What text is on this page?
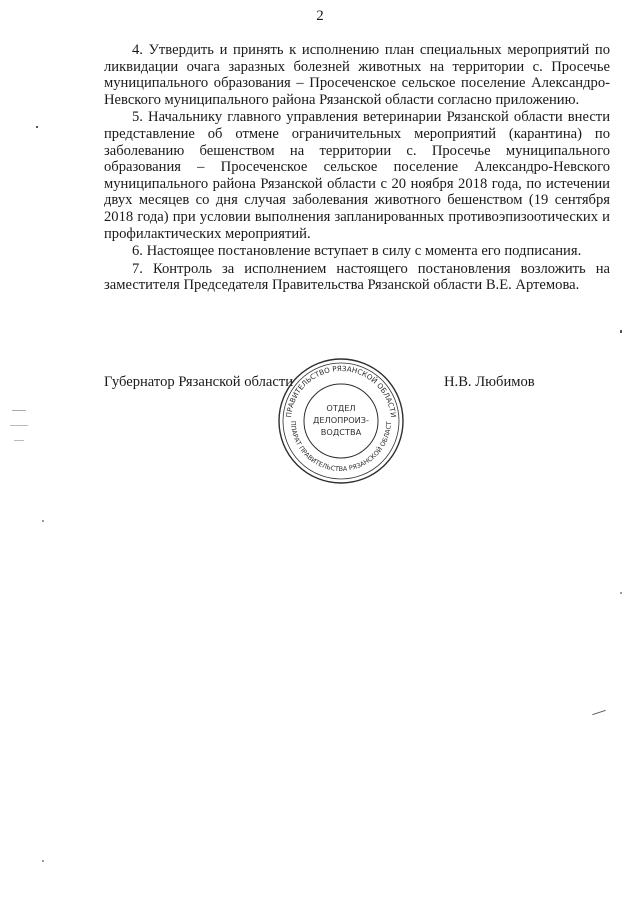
2

4. Утвердить и принять к исполнению план специальных мероприятий по ликвидации очага заразных болезней животных на территории с. Просечье муниципального образования – Просеченское сельское поселение Александро-Невского муниципального района Рязанской области согласно приложению.

5. Начальнику главного управления ветеринарии Рязанской области внести представление об отмене ограничительных мероприятий (карантина) по заболеванию бешенством на территории с. Просечье муниципального образования – Просеченское сельское поселение Александро-Невского муниципального района Рязанской области с 20 ноября 2018 года, по истечении двух месяцев со дня случая заболевания животного бешенством (19 сентября 2018 года) при условии выполнения запланированных противоэпизоотических и профилактических мероприятий.

6. Настоящее постановление вступает в силу с момента его подписания.

7. Контроль за исполнением настоящего постановления возложить на заместителя Председателя Правительства Рязанской области В.Е. Артемова.

Губернатор Рязанской области	Н.В. Любимов
ПРАВИТЕЛЬСТВО РЯЗАНСКОЙ ОБЛАСТИ
ППАРАТ ПРАВИТЕЛЬСТВА РЯЗАНСКОЙ ОБЛАСТ
ОТДЕЛ
ДЕЛОПРОИЗ-
ВОДСТВА
